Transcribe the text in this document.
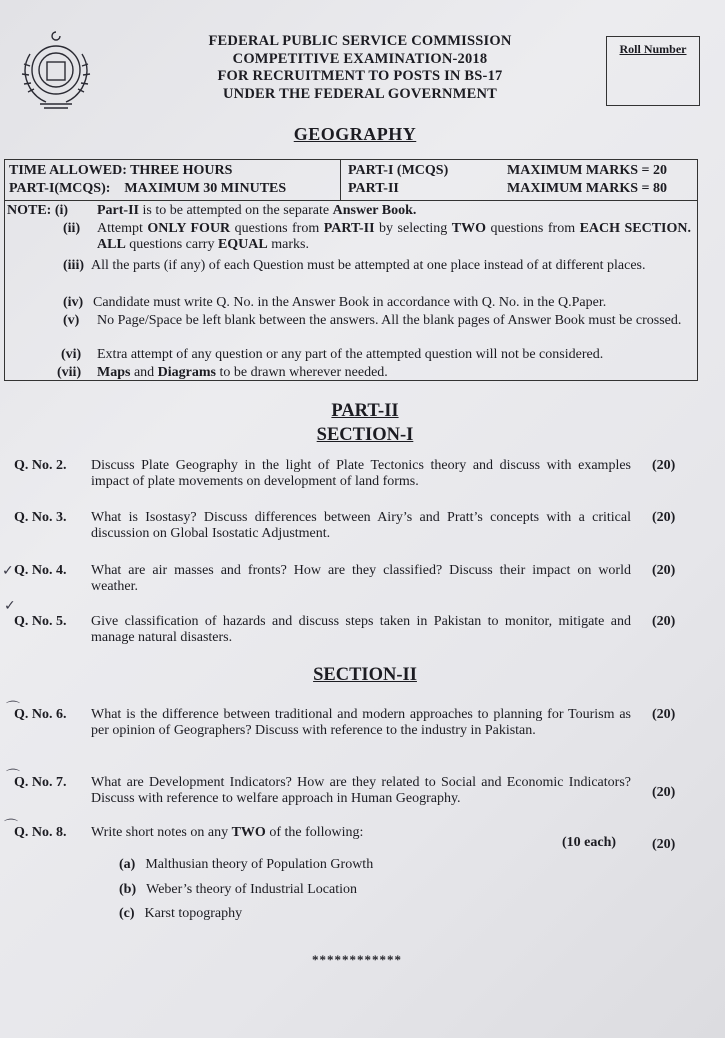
FEDERAL PUBLIC SERVICE COMMISSION
COMPETITIVE EXAMINATION-2018
FOR RECRUITMENT TO POSTS IN BS-17
UNDER THE FEDERAL GOVERNMENT
Roll Number
GEOGRAPHY
TIME ALLOWED: THREE HOURS
PART-I(MCQS):    MAXIMUM 30 MINUTES
PART-I (MCQS)
PART-II
MAXIMUM MARKS = 20
MAXIMUM MARKS = 80
NOTE: (i) Part-II is to be attempted on the separate Answer Book.
(ii) Attempt ONLY FOUR questions from PART-II by selecting TWO questions from EACH SECTION. ALL questions carry EQUAL marks.
(iii) All the parts (if any) of each Question must be attempted at one place instead of at different places.
(iv) Candidate must write Q. No. in the Answer Book in accordance with Q. No. in the Q.Paper.
(v) No Page/Space be left blank between the answers. All the blank pages of Answer Book must be crossed.
(vi) Extra attempt of any question or any part of the attempted question will not be considered.
(vii) Maps and Diagrams to be drawn wherever needed.
PART-II
SECTION-I
Q. No. 2. Discuss Plate Geography in the light of Plate Tectonics theory and discuss with examples impact of plate movements on development of land forms.
(20)
Q. No. 3. What is Isostasy? Discuss differences between Airy’s and Pratt’s concepts with a critical discussion on Global Isostatic Adjustment.
(20)
✓ Q. No. 4. What are air masses and fronts? How are they classified? Discuss their impact on world weather.
(20)
✓
Q. No. 5. Give classification of hazards and discuss steps taken in Pakistan to monitor, mitigate and manage natural disasters.
(20)
SECTION-II
⌒
Q. No. 6. What is the difference between traditional and modern approaches to planning for Tourism as per opinion of Geographers? Discuss with reference to the industry in Pakistan.
(20)
⌒
Q. No. 7. What are Development Indicators? How are they related to Social and Economic Indicators? Discuss with reference to welfare approach in Human Geography.	(20)
⌒
Q. No. 8. Write short notes on any TWO of the following:
(10 each)	(20)
(a) Malthusian theory of Population Growth
(b) Weber’s theory of Industrial Location
(c) Karst topography
************
